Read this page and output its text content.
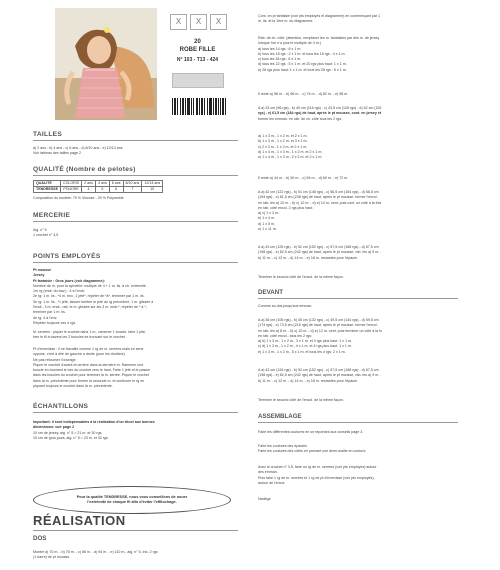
X	X	X
20
ROBE FILLE
N° 103 - T13 - 424
TAILLES
a) 2 ans - b) 4 ans - c) 6 ans - d) 8/10 ans - e) 12/14 ans
Voir tableau des tailles page 2
QUALITÉ (Nombre de pelotes)
QUALITE	COLORIS	2 ans	4 ans	6 ans	8/10 ans	12/14 ans
TENDRESSE	POUDRE	4	5	6	7	10
Composition du modèle: 75 % Viscose - 25 % Polyamide
MERCERIE
Aig. n° 5
1 crochet n° 3,5
POINTS EMPLOYÉS
Pt mousse
Jersey
Pt fantaisie : Gros jours (voir diagramme):
Nombre de m. pour la symétrie: multiple de 4 + 1 m. lis. à ch. extrémité.
1er rg (endr. du trav.) : 4 à l'endr.
2e rg: 1 m. lis., *4 m. env., 1 jeté*, répéter de *à*, terminer par 1 m. lis.
3e rg: 1 m. lis., *1 jeté, laisser tomber le jeté du rg précédent, 1 m. glissée à
l'endr., 3 m. endr., rab. le m. glissée sur les 3 m. endr.*; répéter de * à *;
terminer par 1 m. lis.
4e rg: 4 à l'env.
Répéter toujours ces 4 rgs.
M. serrées : piquer le crochet dans 1 m., ramener 1 boucle, faire 1 jeté,
tirer le fil à travers les 2 boucles se trouvant sur le crochet.
Pt d'écrevisse : Il se travaille comme 1 rg de m. serrées mais en sens
opposé, c'est à dire de gauche à droite (pour les droitiers)
Ne pas retourner l'ouvrage.
Piquer le crochet d'avant en arrière dans la dernière m. Ramener une
boucle en tournant le bec du crochet vers le haut. Faire 1 jeté et le passer
dans les boucles du crochet pour terminer la m. serrée. Piquer le crochet
dans la m. précédente pour former la seconde m. et continuer le rg en
piquant toujours le crochet dans la m. précédente.
ÉCHANTILLONS
Important: Il sont indispensables à la réalisation d'un tricot aux bonnes
dimensions: voir page 2
10 cm de jersey, aig. n° 5 = 21 m. et 30 rgs.
10 cm de gros jours, aig. n° 5 = 23 m. et 32 rgs.
Pour la qualité TENDRESSE, nous vous conseillons de nouer
l'extrémité de chaque fil afin d'éviter l'effilochage.
RÉALISATION
DOS
Monter a) 70 m. - b) 78 m. - c) 86 m. - d) 94 m. - e) 110 m., aig. n° 5. trio. 2 rgs
(1 barre) de pt mousse.
Cont. en pt fantaisie (voir pts employés et diagramme) en commençant par 1
m. lis. et la 1ère m. du diagramme.
Rab. de ch. côté: (attention, remplacer les m. fantaisies par des m. de jersey
lorsque l'on n'a plus le multiple de 4 m.)
a) tous les 14 rgs : 6 x 1 m.
b) tous les 18 rgs : 2 x 1 m. et tous les 16 rgs : 4 x 1 m.
c) tous les 18 rgs : 6 x 1 m.
d) tous les 22 rgs : 5 x 1 m. et 20 rgs plus haut: 1 x 1 m.
e) 28 rgs plus haut: 1 x 1 m. et tous les 26 rgs : 5 x 1 m.
Il reste a) 58 m. - b) 66 m. - c) 74 m. - d) 82 m. - e) 98 m.
A a) 33 cm (96 rgs) - b) 40 cm (116 rgs) - c) 43,5 cm (126 rgs) - d) 52 cm (152
rgs) - e) 61,5 cm (184 rgs) de haut, après le pt mousse, cont. en jersey et
former les emman. en rab. de ch. côté tous les 2 rgs:
a) 1 x 3 m., 1 x 2 m. et 2 x 1 m.
b) 1 x 3 m., 1 x 2 m. et 3 x 1 m.
c) 2 x 3 m., 1 x 2 m. et 2 x 1 m.
d) 1 x 4 m., 1 x 3 m., 1 x 2 m. et 2 x 1 m.
e) 1 x 4 m., 1 x 3 m., 2 x 2 m. et 2 x 1 m.
Il reste a) 44 m. - b) 50 m. - c) 54 m. - d) 60 m. - e) 72 m.
A a) 42 cm (122 rgs) - b) 51 cm (148 rgs) - c) 56,5 cm (164 rgs) - d) 66,5 cm
(194 rgs) - e) 81,5 cm (238 rgs) de haut, après le pt mousse, former l'encol.
en rab. les a) 10 m. - b) c) 12 m. - d) e) 14 m. cent. puis cont. un côté à la fois
en rab. côté encol. 2 rgs plus haut:
a) c) 1 x 3 m.
b) 1 x 4 m.
d) 1 x 5 m.
e) 1 x 11 m.
A a) 43 cm (126 rgs) - b) 52 cm (152 rgs) - c) 57,5 cm (168 rgs) - d) 67,5 cm
(198 rgs) - e) 82,5 cm (242 rgs) de haut, après le pt mousse, rab. les a) 9 m. -
b) 11 m. - c) 12 m. - d) 14 m. - e) 18 m. restantes pour l'épaule.
Terminer le second côté de l'encol. de la même façon.
DEVANT
Comme au dos jusqu'aux emman.
A a) 36 cm (106 rgs) - b) 45 cm (132 rgs) - c) 49,5 cm (144 rgs) - d) 59,5 cm
(174 rgs) - e) 73,5 cm (216 rgs) de haut, après le pt mousse, former l'encol.
en rab. les a) 8 m. - b) c) 10 m. - d) e) 12 m. cent. puis terminer un côté à la fo
en rab. côté encol., tous les 2 rgs:
a) b) 1 x 3 m., 1 x 2 m., 3 x 1 m. et 4 rgs plus haut: 1 x 1 m.
c) d) 1 x 3 m., 1 x 2 m., 4 x 1 m. et 4 rgs plus haut: 1 x 1 m.
e) 1 x 3 m., 1 x 2 m., 5 x 1 m. et tous les 4 rgs: 2 x 1 m.
A a) 43 cm (126 rgs) - b) 52 cm (152 rgs) - c) 57,5 cm (168 rgs) - d) 67,5 cm
(198 rgs) - e) 82,5 cm (242 rgs) de haut, après le pt mousse, rab. les a) 9 m. -
b) 11 m. - c) 12 m. - d) 14 m. - e) 18 m. restantes pour l'épaule.
Terminer le second côté de l'encol. de la même façon.
ASSEMBLAGE
Faire les différentes coutures en se reportant aux conseils page 3.
Faire les coutures des épaules
Faire les coutures des côtés en prenant une demi-maille en couture.
Avec le crochet n° 3,5, faire un rg de m. serrées (voir pts employés) autour
des emman.
Puis faire 1 rg de m. serrées et 1 rg de pt d'écrevisse (voir pts employés),
autour de l'encol.
Nadège
